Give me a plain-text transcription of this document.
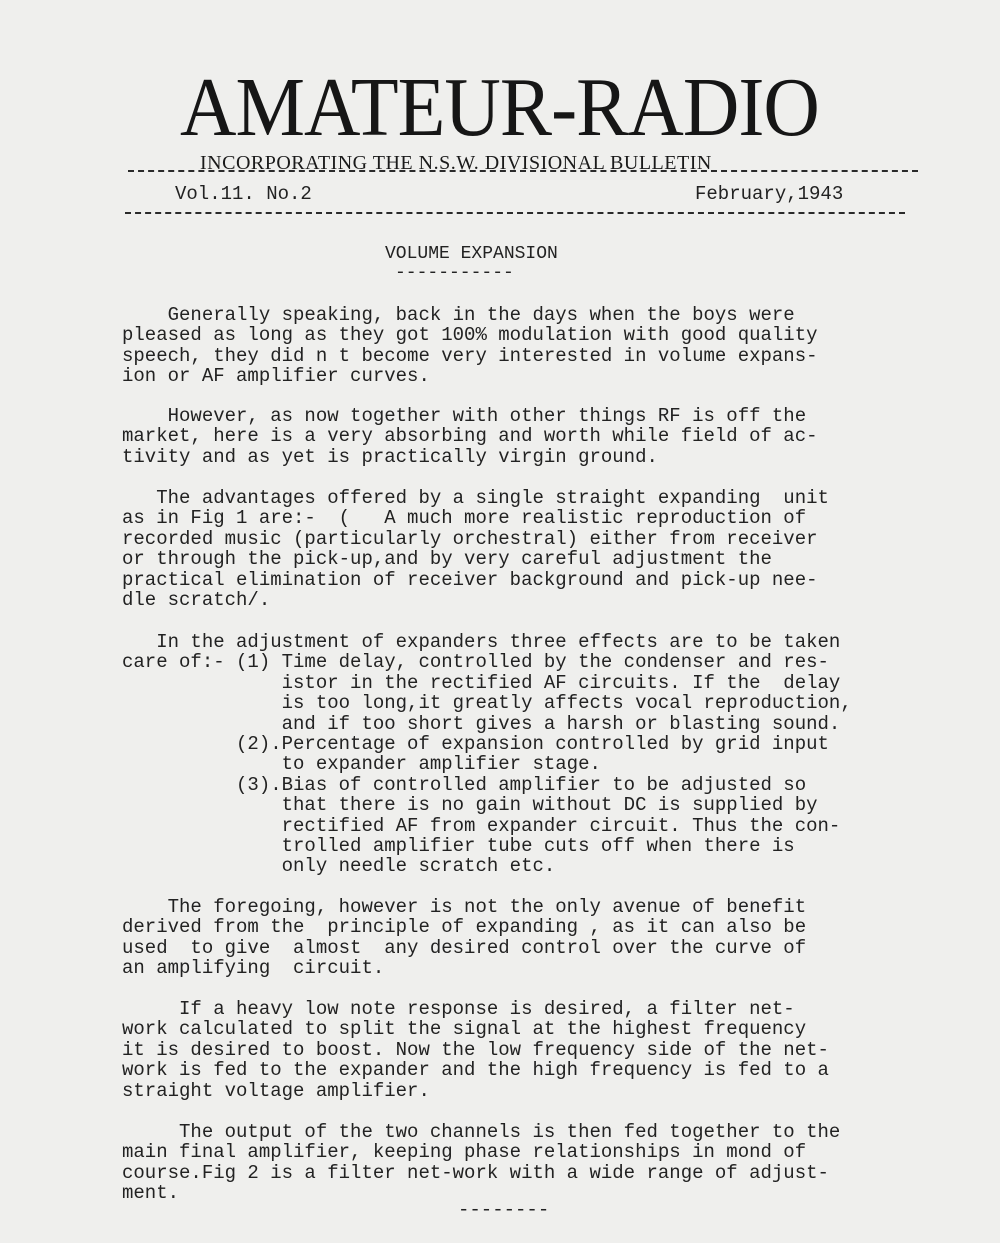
AMATEUR-RADIO
INCORPORATING THE N.S.W. DIVISIONAL BULLETIN
Vol.11. No.2	February,1943
VOLUME EXPANSION
-----------
Generally speaking, back in the days when the boys were
pleased as long as they got 100% modulation with good quality
speech, they did n t become very interested in volume expans-
ion or AF amplifier curves.
However, as now together with other things RF is off the
market, here is a very absorbing and worth while field of ac-
tivity and as yet is practically virgin ground.
The advantages offered by a single straight expanding  unit
as in Fig 1 are:-  (   A much more realistic reproduction of
recorded music (particularly orchestral) either from receiver
or through the pick-up,and by very careful adjustment the
practical elimination of receiver background and pick-up nee-
dle scratch/.
In the adjustment of expanders three effects are to be taken
care of:- (1) Time delay, controlled by the condenser and res-
istor in the rectified AF circuits. If the  delay
is too long,it greatly affects vocal reproduction,
and if too short gives a harsh or blasting sound.
(2).Percentage of expansion controlled by grid input
to expander amplifier stage.
(3).Bias of controlled amplifier to be adjusted so
that there is no gain without DC is supplied by
rectified AF from expander circuit. Thus the con-
trolled amplifier tube cuts off when there is
only needle scratch etc.
The foregoing, however is not the only avenue of benefit
derived from the  principle of expanding , as it can also be
used  to give  almost  any desired control over the curve of
an amplifying  circuit.
If a heavy low note response is desired, a filter net-
work calculated to split the signal at the highest frequency
it is desired to boost. Now the low frequency side of the net-
work is fed to the expander and the high frequency is fed to a
straight voltage amplifier.
The output of the two channels is then fed together to the
main final amplifier, keeping phase relationships in mond of
course.Fig 2 is a filter net-work with a wide range of adjust-
ment.
--------
